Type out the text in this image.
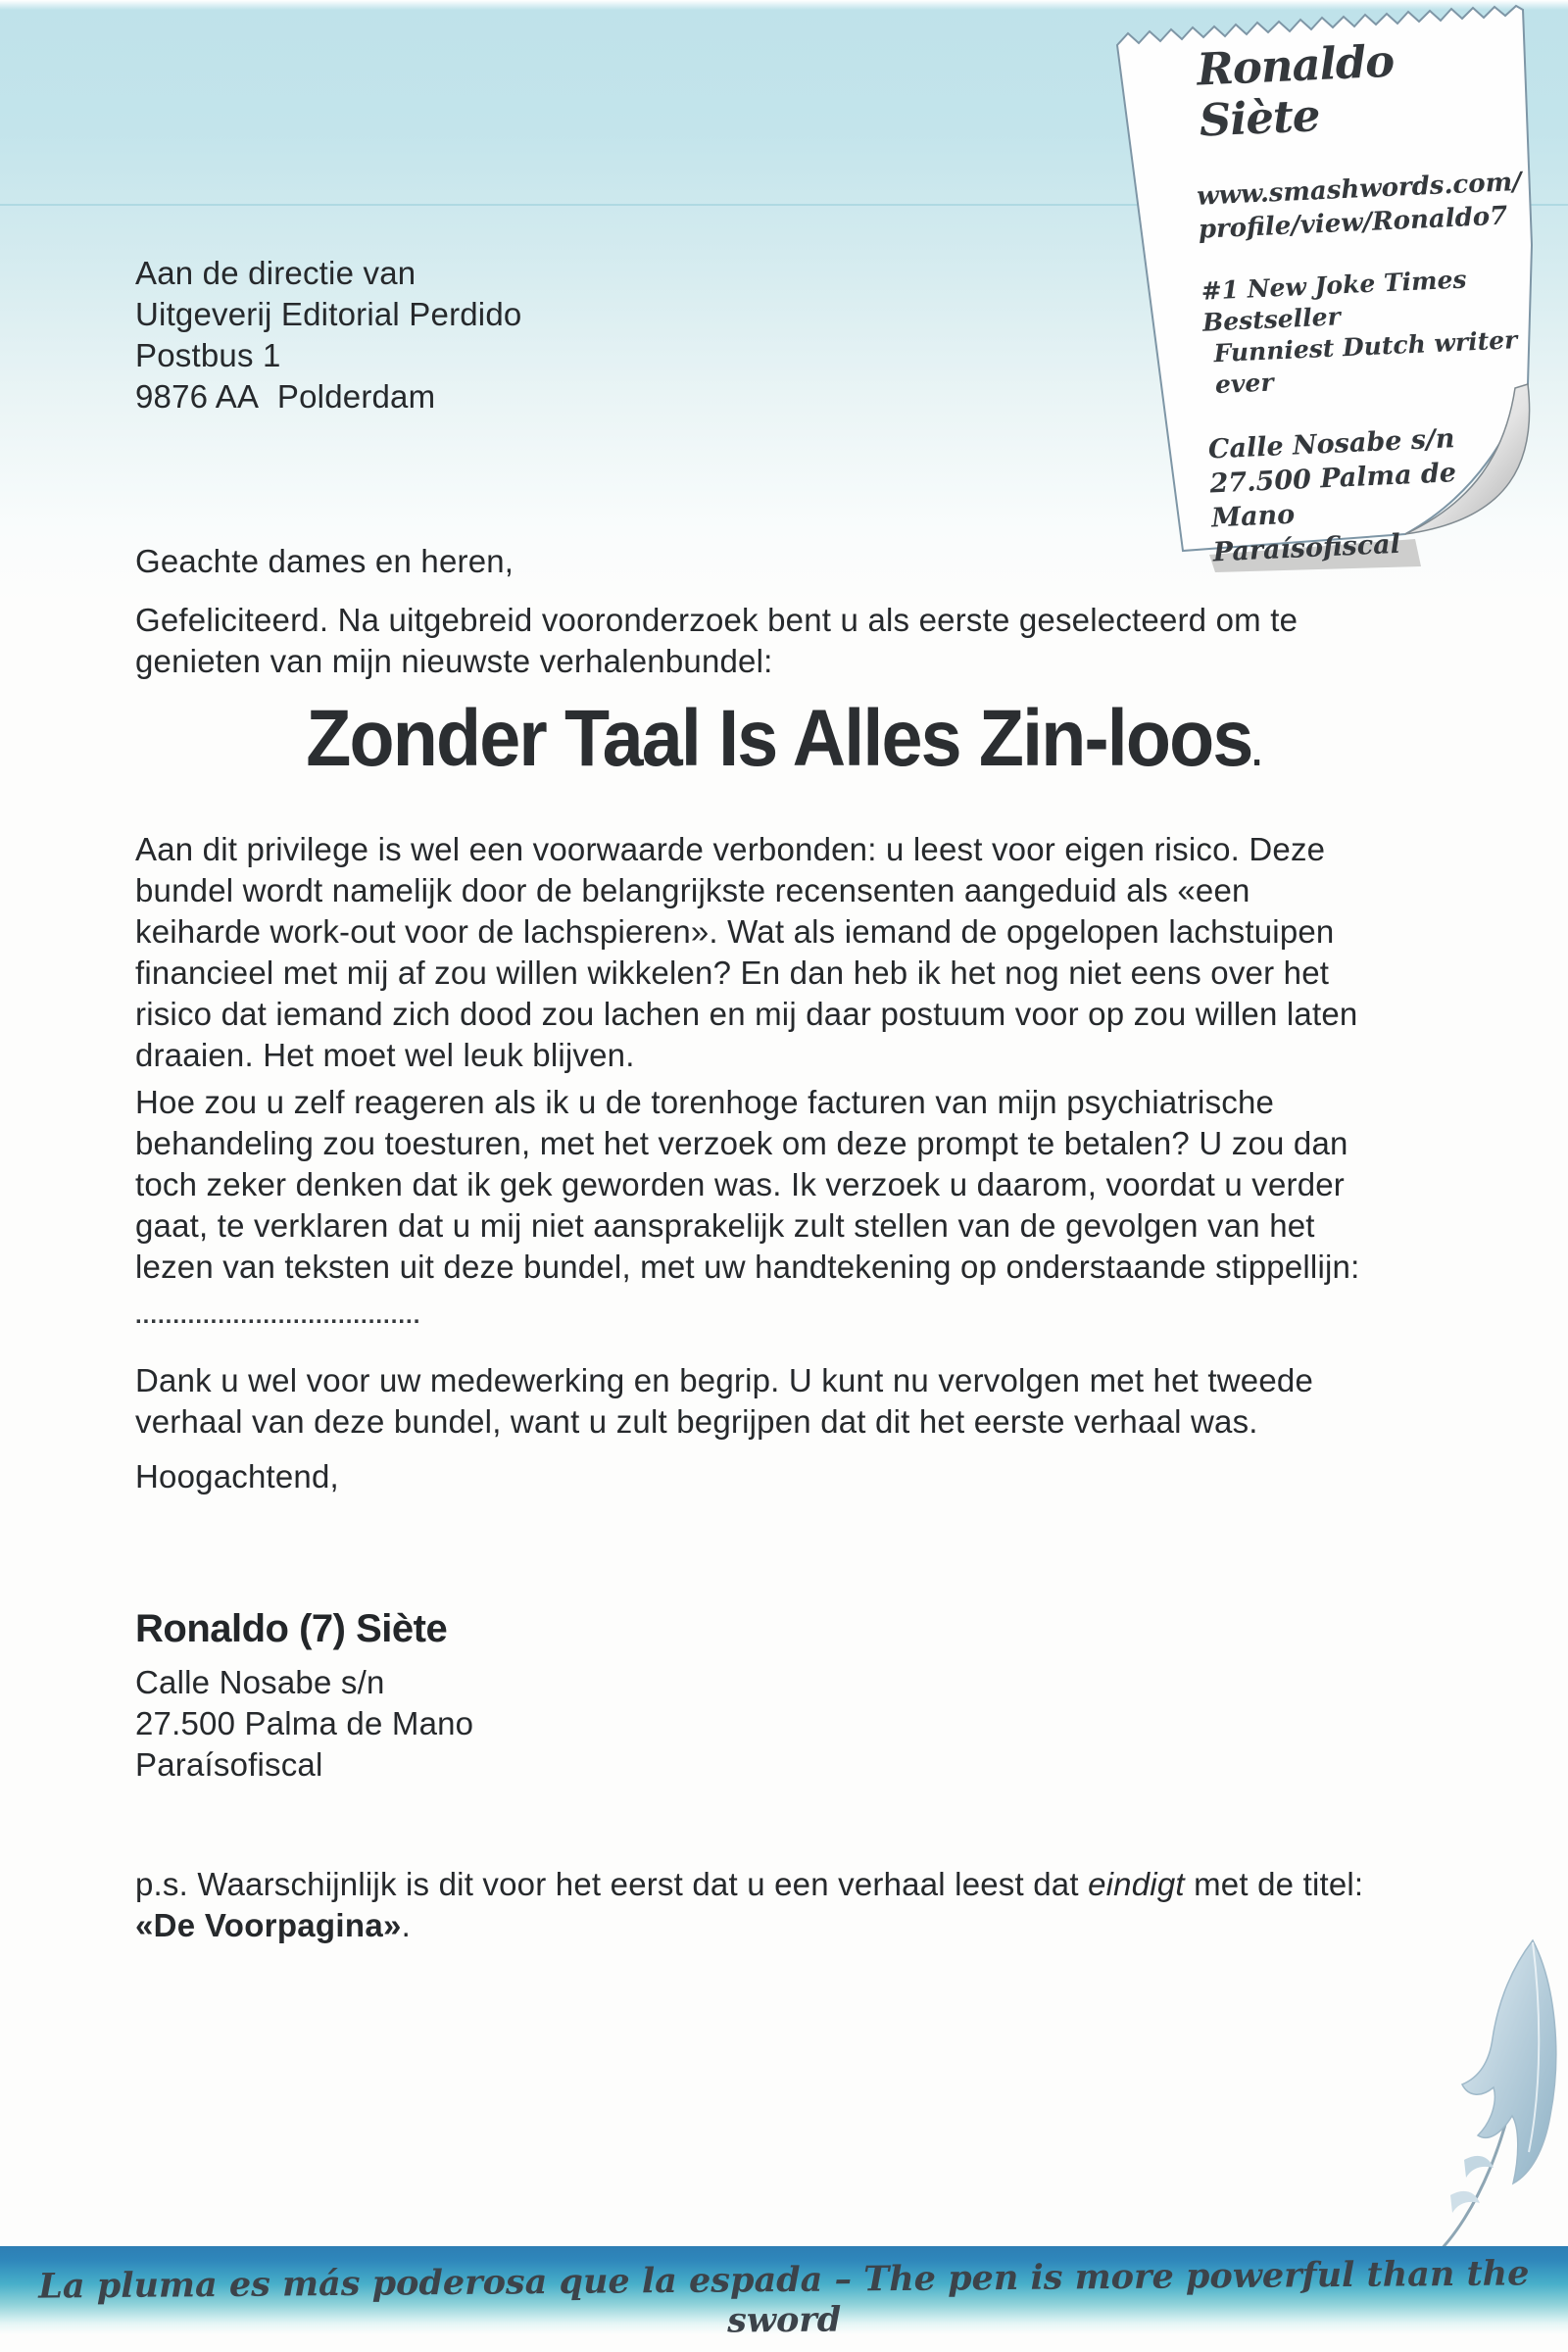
Aan de directie van
Uitgeverij Editorial Perdido
Postbus 1
9876 AA  Polderdam
Ronaldo Siète
www.smashwords.com/
profile/view/Ronaldo7
#1 New Joke Times Bestseller
Funniest Dutch writer ever
Calle Nosabe s/n
27.500 Palma de Mano
Paraísofiscal
Geachte dames en heren,
Gefeliciteerd. Na uitgebreid vooronderzoek bent u als eerste geselecteerd om te
genieten van mijn nieuwste verhalenbundel:
Zonder Taal Is Alles Zin-loos.
Aan dit privilege is wel een voorwaarde verbonden: u leest voor eigen risico. Deze
bundel wordt namelijk door de belangrijkste recensenten aangeduid als «een
keiharde work-out voor de lachspieren». Wat als iemand de opgelopen lachstuipen
financieel met mij af zou willen wikkelen? En dan heb ik het nog niet eens over het
risico dat iemand zich dood zou lachen en mij daar postuum voor op zou willen laten
draaien. Het moet wel leuk blijven.
Hoe zou u zelf reageren als ik u de torenhoge facturen van mijn psychiatrische
behandeling zou toesturen, met het verzoek om deze prompt te betalen? U zou dan
toch zeker denken dat ik gek geworden was. Ik verzoek u daarom, voordat u verder
gaat, te verklaren dat u mij niet aansprakelijk zult stellen van de gevolgen van het
lezen van teksten uit deze bundel, met uw handtekening op onderstaande stippellijn:
......................................
Dank u wel voor uw medewerking en begrip. U kunt nu vervolgen met het tweede
verhaal van deze bundel, want u zult begrijpen dat dit het eerste verhaal was.
Hoogachtend,
Ronaldo (7) Siète
Calle Nosabe s/n
27.500 Palma de Mano
Paraísofiscal
p.s. Waarschijnlijk is dit voor het eerst dat u een verhaal leest dat eindigt met de titel:
«De Voorpagina».
La pluma es más poderosa que la espada – The pen is more powerful than the sword
